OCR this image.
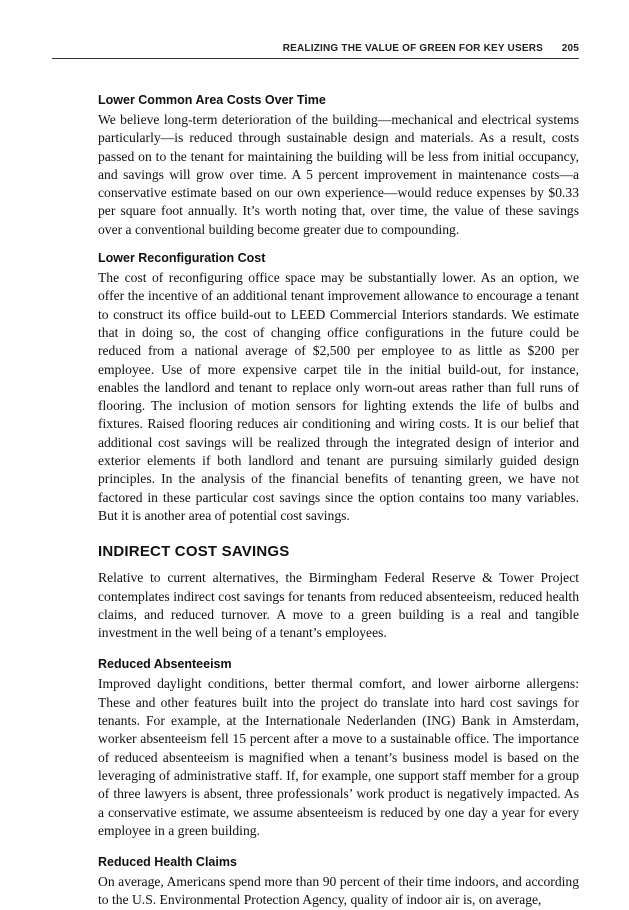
REALIZING THE VALUE OF GREEN FOR KEY USERS 205
Lower Common Area Costs Over Time

We believe long-term deterioration of the building—mechanical and electrical systems particularly—is reduced through sustainable design and materials. As a result, costs passed on to the tenant for maintaining the building will be less from initial occupancy, and savings will grow over time. A 5 percent improvement in maintenance costs—a conservative estimate based on our own experience—would reduce expenses by $0.33 per square foot annually. It’s worth noting that, over time, the value of these savings over a conventional building become greater due to compounding.

Lower Reconfiguration Cost

The cost of reconfiguring office space may be substantially lower. As an option, we offer the incentive of an additional tenant improvement allowance to encourage a tenant to construct its office build-out to LEED Commercial Interiors standards. We estimate that in doing so, the cost of changing office configurations in the future could be reduced from a national average of $2,500 per employee to as little as $200 per employee. Use of more expensive carpet tile in the initial build-out, for instance, enables the landlord and tenant to replace only worn-out areas rather than full runs of flooring. The inclusion of motion sensors for lighting extends the life of bulbs and fixtures. Raised flooring reduces air conditioning and wiring costs. It is our belief that additional cost savings will be realized through the integrated design of interior and exterior elements if both landlord and tenant are pursuing similarly guided design principles. In the analysis of the financial benefits of tenanting green, we have not factored in these particular cost savings since the option contains too many variables. But it is another area of potential cost savings.

INDIRECT COST SAVINGS

Relative to current alternatives, the Birmingham Federal Reserve & Tower Project contemplates indirect cost savings for tenants from reduced absenteeism, reduced health claims, and reduced turnover. A move to a green building is a real and tangible investment in the well being of a tenant’s employees.

Reduced Absenteeism

Improved daylight conditions, better thermal comfort, and lower airborne allergens: These and other features built into the project do translate into hard cost savings for tenants. For example, at the Internationale Nederlanden (ING) Bank in Amsterdam, worker absenteeism fell 15 percent after a move to a sustainable office. The importance of reduced absenteeism is magnified when a tenant’s business model is based on the leveraging of administrative staff. If, for example, one support staff member for a group of three lawyers is absent, three professionals’ work product is negatively impacted. As a conservative estimate, we assume absenteeism is reduced by one day a year for every employee in a green building.

Reduced Health Claims

On average, Americans spend more than 90 percent of their time indoors, and according to the U.S. Environmental Protection Agency, quality of indoor air is, on average,
